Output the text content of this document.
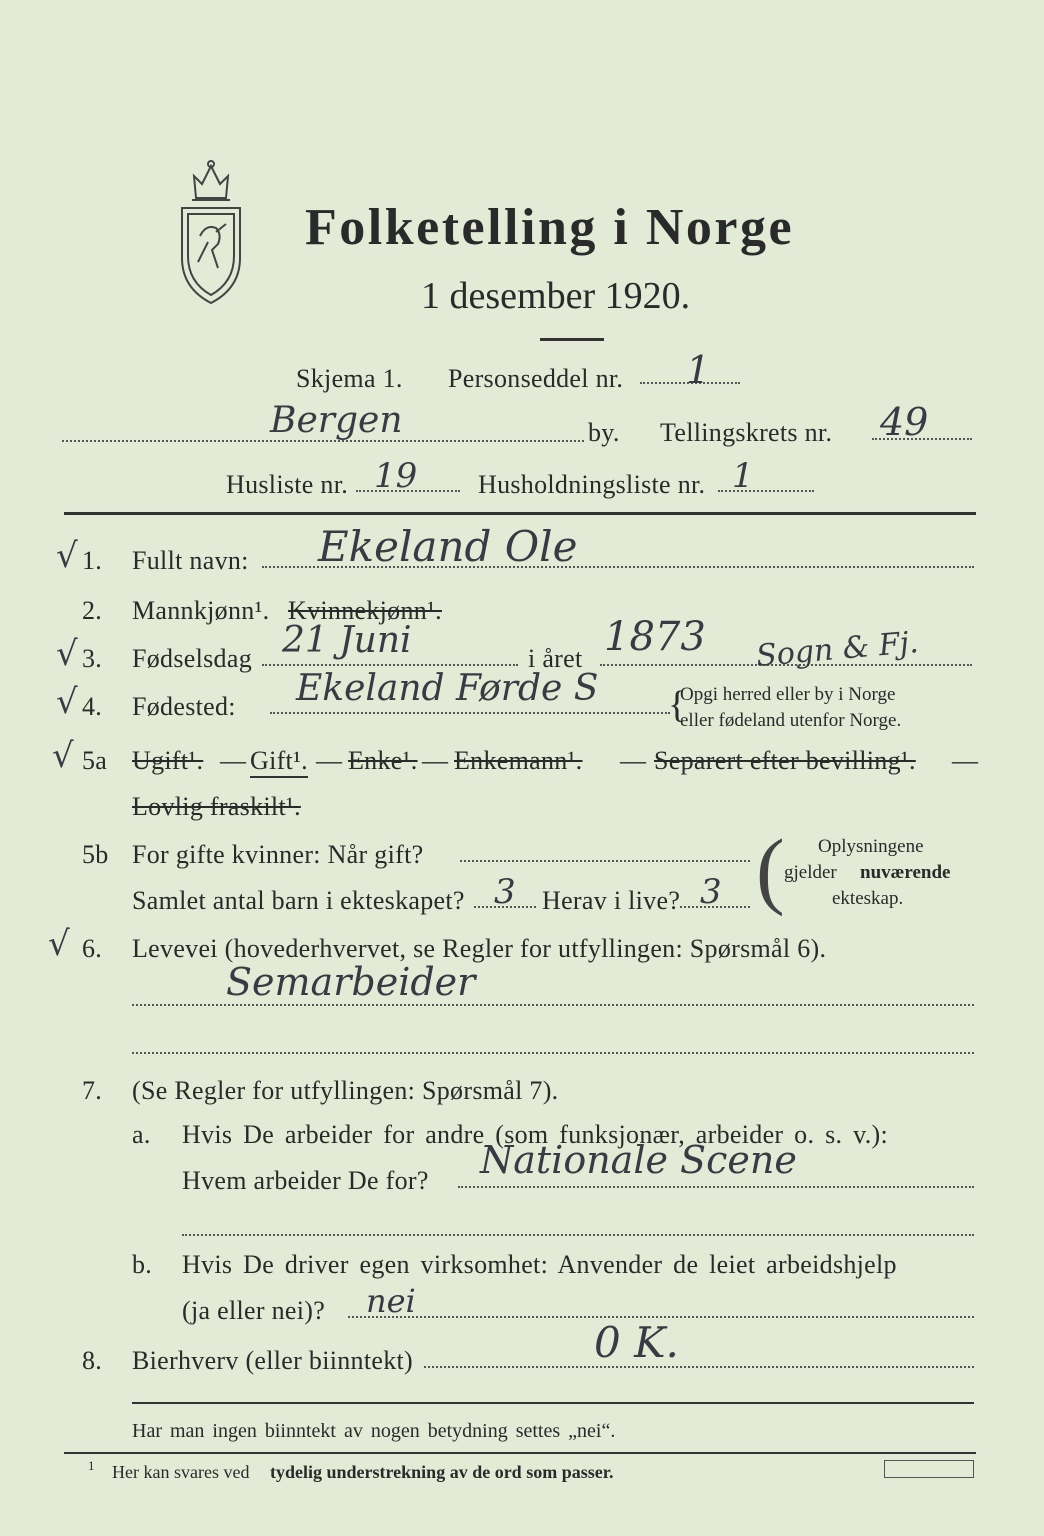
Folketelling i Norge
1 desember 1920.
Skjema 1. Personseddel nr. 1
Bergen	by. Tellingskrets nr. 49
Husliste nr. 19 Husholdningsliste nr. 1
√ 1. Fullt navn: Ekeland Ole
2. Mannkjønn¹. Kvinnekjønn¹.
√ 3. Fødselsdag 21 Juni	i året 1873 Sogn & Fj.
√ 4. Fødested: Ekeland Førde S	Opgi herred eller by i Norge
eller fødeland utenfor Norge.
{
√ 5a Ugift¹. — Gift¹. — Enke¹. — Enkemann¹. — Separert efter bevilling¹. —
Lovlig fraskilt¹.
5b For gifte kvinner: Når gift?
Samlet antal barn i ekteskapet? 3 Herav i live? 3 ( Oplysningene
gjelder nuværende
ekteskap.
√ 6. Levevei (hovederhvervet, se Regler for utfyllingen: Spørsmål 6).
Semarbeider
7. (Se Regler for utfyllingen: Spørsmål 7).
a. Hvis De arbeider for andre (som funksjonær, arbeider o. s. v.):
Hvem arbeider De for? Nationale Scene
b. Hvis De driver egen virksomhet: Anvender de leiet arbeidshjelp
(ja eller nei)? nei
8. Bierhverv (eller biinntekt)	0 K.
Har man ingen biinntekt av nogen betydning settes „nei“.
1 Her kan svares ved tydelig understrekning av de ord som passer.
